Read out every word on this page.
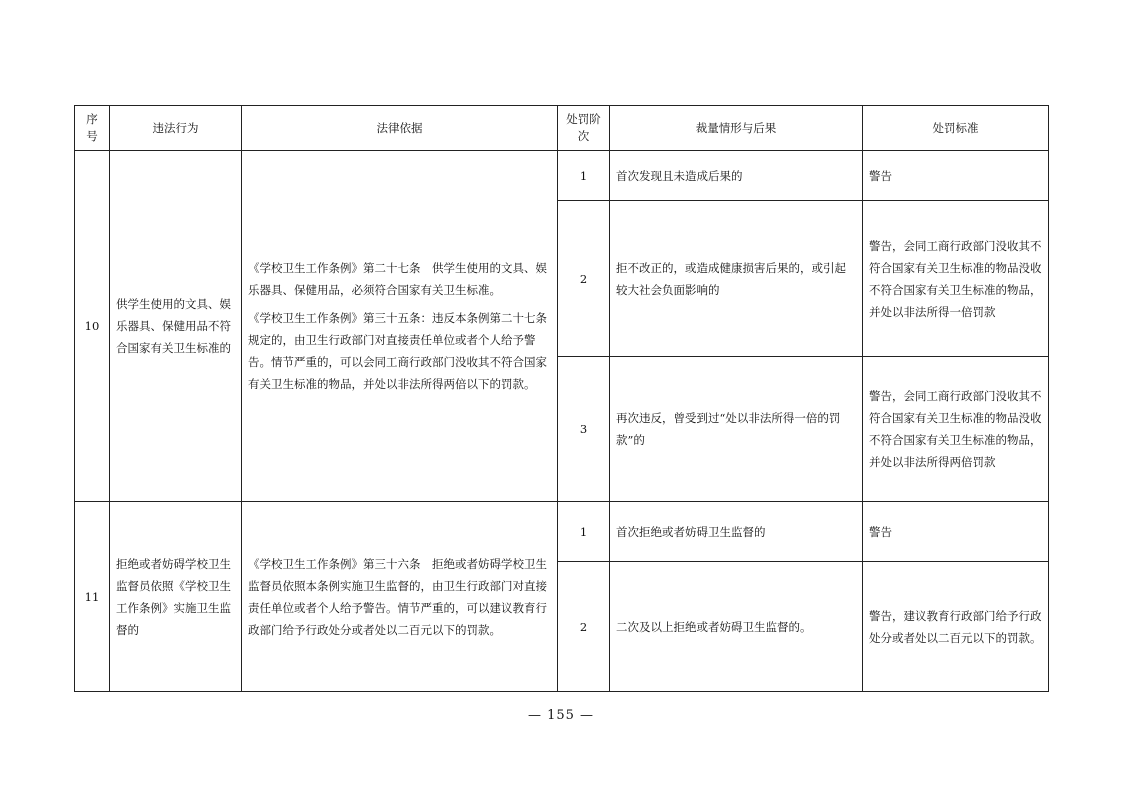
序号	违法行为	法律依据	处罚阶次	裁量情形与后果	处罚标准
10	供学生使用的文具、娱乐器具、保健用品不符合国家有关卫生标准的	《学校卫生工作条例》第二十七条　供学生使用的文具、娱乐器具、保健用品，必须符合国家有关卫生标准。

《学校卫生工作条例》第三十五条：违反本条例第二十七条规定的，由卫生行政部门对直接责任单位或者个人给予警告。情节严重的，可以会同工商行政部门没收其不符合国家有关卫生标准的物品，并处以非法所得两倍以下的罚款。	1	首次发现且未造成后果的	警告
			2	拒不改正的，或造成健康损害后果的，或引起较大社会负面影响的	警告，会同工商行政部门没收其不符合国家有关卫生标准的物品没收不符合国家有关卫生标准的物品，并处以非法所得一倍罚款
			3	再次违反，曾受到过“处以非法所得一倍的罚款”的	警告，会同工商行政部门没收其不符合国家有关卫生标准的物品没收不符合国家有关卫生标准的物品，并处以非法所得两倍罚款
11	拒绝或者妨碍学校卫生监督员依照《学校卫生工作条例》实施卫生监督的	《学校卫生工作条例》第三十六条　拒绝或者妨碍学校卫生监督员依照本条例实施卫生监督的，由卫生行政部门对直接责任单位或者个人给予警告。情节严重的，可以建议教育行政部门给予行政处分或者处以二百元以下的罚款。	1	首次拒绝或者妨碍卫生监督的	警告
			2	二次及以上拒绝或者妨碍卫生监督的。	警告，建议教育行政部门给予行政处分或者处以二百元以下的罚款。
— 155 —
